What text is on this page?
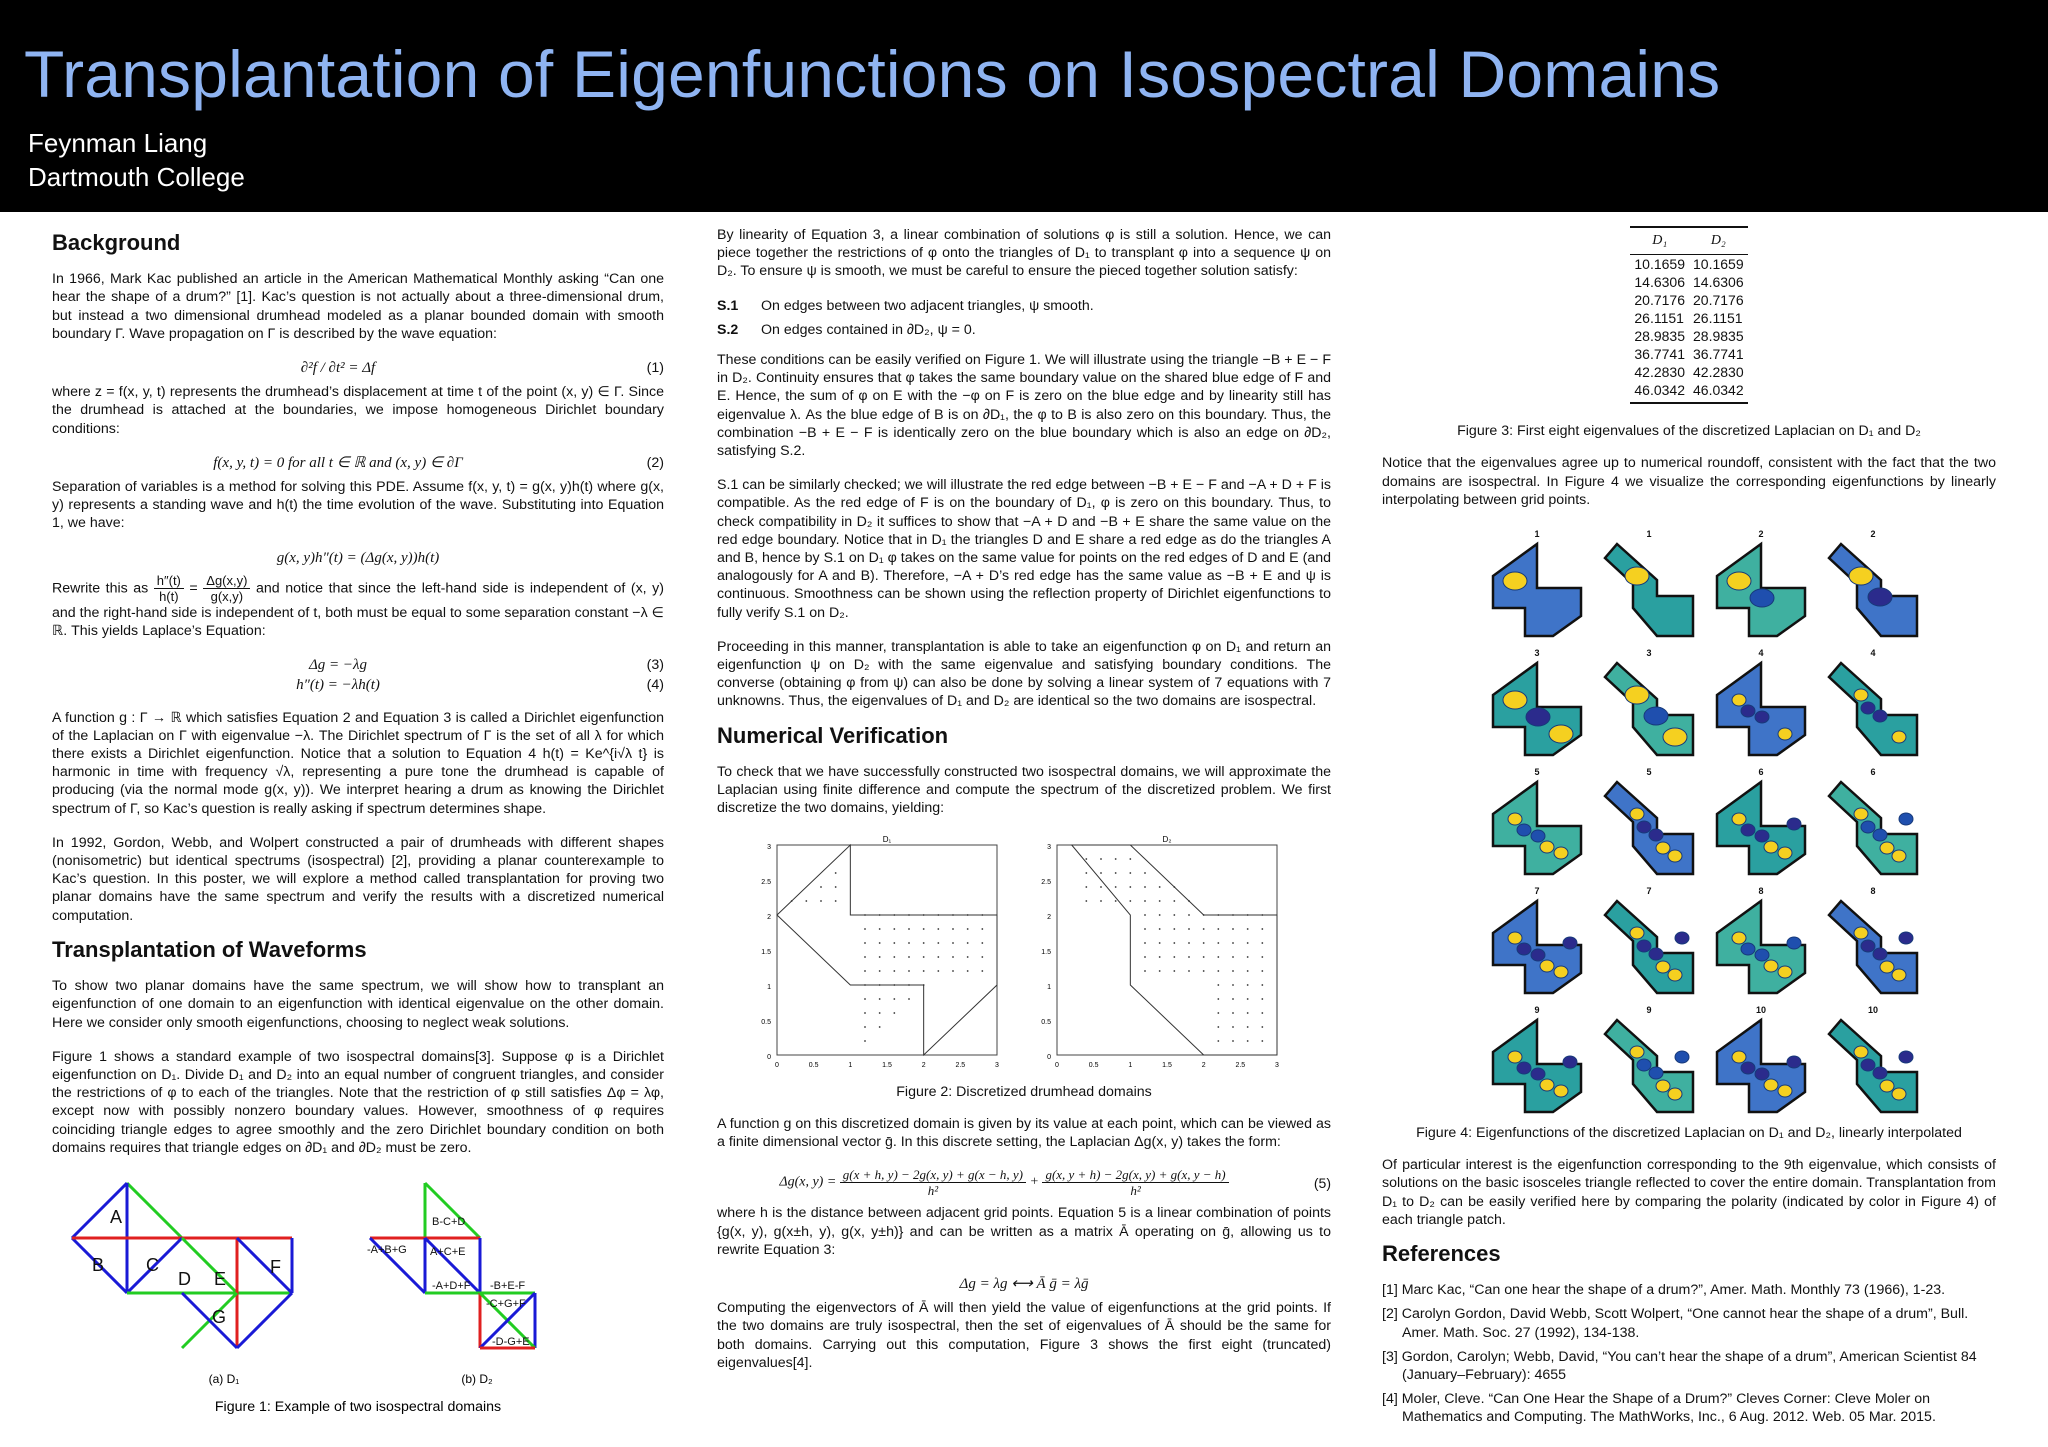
Transplantation of Eigenfunctions on Isospectral Domains
Feynman Liang
Dartmouth College
Background

In 1966, Mark Kac published an article in the American Mathematical Monthly asking “Can one hear the shape of a drum?” [1]. Kac’s question is not actually about a three-dimensional drum, but instead a two dimensional drumhead modeled as a planar bounded domain with smooth boundary Γ. Wave propagation on Γ is described by the wave equation:

∂²f / ∂t² = Δf	(1)

where z = f(x, y, t) represents the drumhead’s displacement at time t of the point (x, y) ∈ Γ. Since the drumhead is attached at the boundaries, we impose homogeneous Dirichlet boundary conditions:

f(x, y, t) = 0 for all t ∈ ℝ and (x, y) ∈ ∂Γ	(2)

Separation of variables is a method for solving this PDE. Assume f(x, y, t) = g(x, y)h(t) where g(x, y) represents a standing wave and h(t) the time evolution of the wave. Substituting into Equation 1, we have:

g(x, y)h″(t) = (Δg(x, y))h(t)

Rewrite this as $\frac{h''(t)}{h(t)} = \frac{\Delta g(x,y)}{g(x,y)}$ and notice that since the left-hand side is independent of (x, y) and the right-hand side is independent of t, both must be equal to some separation constant −λ ∈ ℝ. This yields Laplace’s Equation:

Δg = −λg	(3)
h″(t) = −λh(t)	(4)

A function g : Γ → ℝ which satisfies Equation 2 and Equation 3 is called a Dirichlet eigenfunction of the Laplacian on Γ with eigenvalue −λ. The Dirichlet spectrum of Γ is the set of all λ for which there exists a Dirichlet eigenfunction. Notice that a solution to Equation 4 h(t) = Ke^{i√λ t} is harmonic in time with frequency √λ, representing a pure tone the drumhead is capable of producing (via the normal mode g(x, y)). We interpret hearing a drum as knowing the Dirichlet spectrum of Γ, so Kac’s question is really asking if spectrum determines shape.

In 1992, Gordon, Webb, and Wolpert constructed a pair of drumheads with different shapes (nonisometric) but identical spectrums (isospectral) [2], providing a planar counterexample to Kac’s question. In this poster, we will explore a method called transplantation for proving two planar domains have the same spectrum and verify the results with a discretized numerical computation.

Transplantation of Waveforms

To show two planar domains have the same spectrum, we will show how to transplant an eigenfunction of one domain to an eigenfunction with identical eigenvalue on the other domain. Here we consider only smooth eigenfunctions, choosing to neglect weak solutions.

Figure 1 shows a standard example of two isospectral domains[3]. Suppose φ is a Dirichlet eigenfunction on D₁. Divide D₁ and D₂ into an equal number of congruent triangles, and consider the restrictions of φ to each of the triangles. Note that the restriction of φ still satisfies Δφ = λφ, except now with possibly nonzero boundary values. However, smoothness of φ requires coinciding triangle edges to agree smoothly and the zero Dirichlet boundary condition on both domains requires that triangle edges on ∂D₁ and ∂D₂ must be zero.

A
B C
D E
F
G
(a) D₁
B-C+D
-A+B+G A+C+E
-A+D+F -B+E-F
-C+G+F
-D-G+E
(b) D₂
Figure 1: Example of two isospectral domains

By linearity of Equation 3, a linear combination of solutions φ is still a solution. Hence, we can piece together the restrictions of φ onto the triangles of D₁ to transplant φ into a sequence ψ on D₂. To ensure ψ is smooth, we must be careful to ensure the pieced together solution satisfy:

S.1 On edges between two adjacent triangles, ψ smooth.
S.2 On edges contained in ∂D₂, ψ = 0.

These conditions can be easily verified on Figure 1. We will illustrate using the triangle −B + E − F in D₂. Continuity ensures that φ takes the same boundary value on the shared blue edge of F and E. Hence, the sum of φ on E with the −φ on F is zero on the blue edge and by linearity still has eigenvalue λ. As the blue edge of B is on ∂D₁, the φ to B is also zero on this boundary. Thus, the combination −B + E − F is identically zero on the blue boundary which is also an edge on ∂D₂, satisfying S.2.

S.1 can be similarly checked; we will illustrate the red edge between −B + E − F and −A + D + F is compatible. As the red edge of F is on the boundary of D₁, φ is zero on this boundary. Thus, to check compatibility in D₂ it suffices to show that −A + D and −B + E share the same value on the red edge boundary. Notice that in D₁ the triangles D and E share a red edge as do the triangles A and B, hence by S.1 on D₁ φ takes on the same value for points on the red edges of D and E (and analogously for A and B). Therefore, −A + D’s red edge has the same value as −B + E and ψ is continuous. Smoothness can be shown using the reflection property of Dirichlet eigenfunctions to fully verify S.1 on D₂.

Proceeding in this manner, transplantation is able to take an eigenfunction φ on D₁ and return an eigenfunction ψ on D₂ with the same eigenvalue and satisfying boundary conditions. The converse (obtaining φ from ψ) can also be done by solving a linear system of 7 equations with 7 unknowns. Thus, the eigenvalues of D₁ and D₂ are identical so the two domains are isospectral.

Numerical Verification

To check that we have successfully constructed two isospectral domains, we will approximate the Laplacian using finite difference and compute the spectrum of the discretized problem. We first discretize the two domains, yielding:

D₁
3
2.5
2
1.5
1
0.5
0
0	0.5	1	1.5	2	2.5	3
D₂
3
2.5
2
1.5
1
0.5
0
0	0.5	1	1.5	2	2.5	3
Figure 2: Discretized drumhead domains

A function g on this discretized domain is given by its value at each point, which can be viewed as a finite dimensional vector ḡ. In this discrete setting, the Laplacian Δg(x, y) takes the form:

Δg(x, $y) = \frac{g(x + h, y) - 2g(x, y) + g(x - h, y)}{\text{h²}} + \frac{g(x, y + h) - 2g(x, y) + g(x, y - h)}{\text{h²}}$	(5)

where h is the distance between adjacent grid points. Equation 5 is a linear combination of points {g(x, y), g(x±h, y), g(x, y±h)} and can be written as a matrix Ā operating on ḡ, allowing us to rewrite Equation 3:

Δg = λg ⟷ Ā ḡ = λḡ

Computing the eigenvectors of Ā will then yield the value of eigenfunctions at the grid points. If the two domains are truly isospectral, then the set of eigenvalues of Ā should be the same for both domains. Carrying out this computation, Figure 3 shows the first eight (truncated) eigenvalues[4].

D₁	D₂
10.1659	10.1659
14.6306	14.6306
20.7176	20.7176
26.1151	26.1151
28.9835	28.9835
36.7741	36.7741
42.2830	42.2830
46.0342	46.0342
Figure 3: First eight eigenvalues of the discretized Laplacian on D₁ and D₂

Notice that the eigenvalues agree up to numerical roundoff, consistent with the fact that the two domains are isospectral. In Figure 4 we visualize the corresponding eigenfunctions by linearly interpolating between grid points.

1	1	2	2
3	3	4	4
5	5	6	6
7	7	8	8
9	9	10	10
Figure 4: Eigenfunctions of the discretized Laplacian on D₁ and D₂, linearly interpolated

Of particular interest is the eigenfunction corresponding to the 9th eigenvalue, which consists of solutions on the basic isosceles triangle reflected to cover the entire domain. Transplantation from D₁ to D₂ can be easily verified here by comparing the polarity (indicated by color in Figure 4) of each triangle patch.

References
[1] Marc Kac, “Can one hear the shape of a drum?”, Amer. Math. Monthly 73 (1966), 1-23.
[2] Carolyn Gordon, David Webb, Scott Wolpert, “One cannot hear the shape of a drum”, Bull. Amer. Math. Soc. 27 (1992), 134-138.
[3] Gordon, Carolyn; Webb, David, “You can’t hear the shape of a drum”, American Scientist 84 (January–February): 4655
[4] Moler, Cleve. “Can One Hear the Shape of a Drum?” Cleves Corner: Cleve Moler on Mathematics and Computing. The MathWorks, Inc., 6 Aug. 2012. Web. 05 Mar. 2015.
